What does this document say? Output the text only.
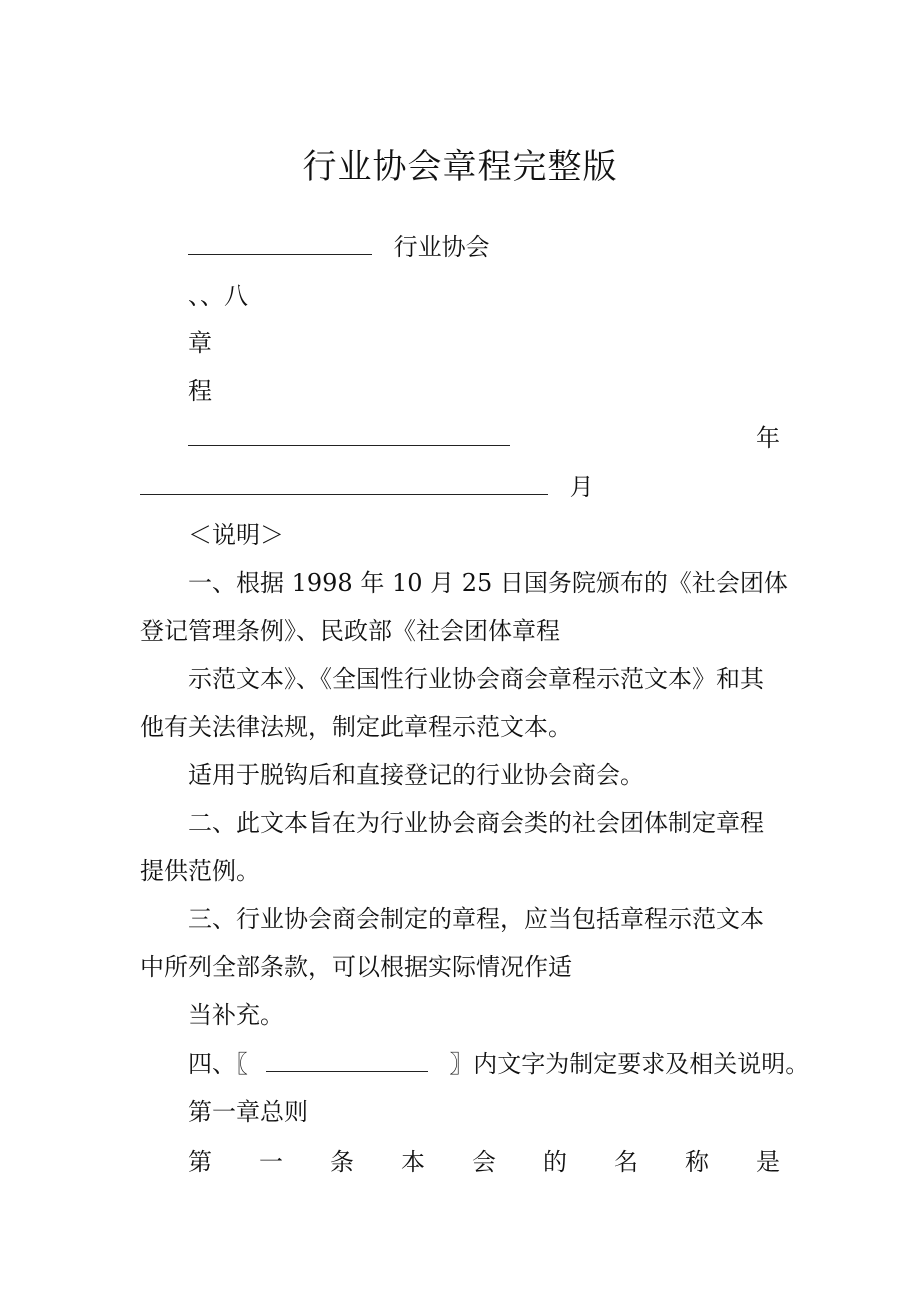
行业协会章程完整版
行业协会
、、八
章
程
年
月
＜说明＞
一、根据 1998 年 10 月 25 日国务院颁布的《社会团体
登记管理条例》、民政部《社会团体章程
示范文本》、《全国性行业协会商会章程示范文本》和其
他有关法律法规，制定此章程示范文本。
适用于脱钩后和直接登记的行业协会商会。
二、此文本旨在为行业协会商会类的社会团体制定章程
提供范例。
三、行业协会商会制定的章程，应当包括章程示范文本
中所列全部条款，可以根据实际情况作适
当补充。
四、〖	〗内文字为制定要求及相关说明。
第一章总则
第 一 条 本 会 的 名 称 是
